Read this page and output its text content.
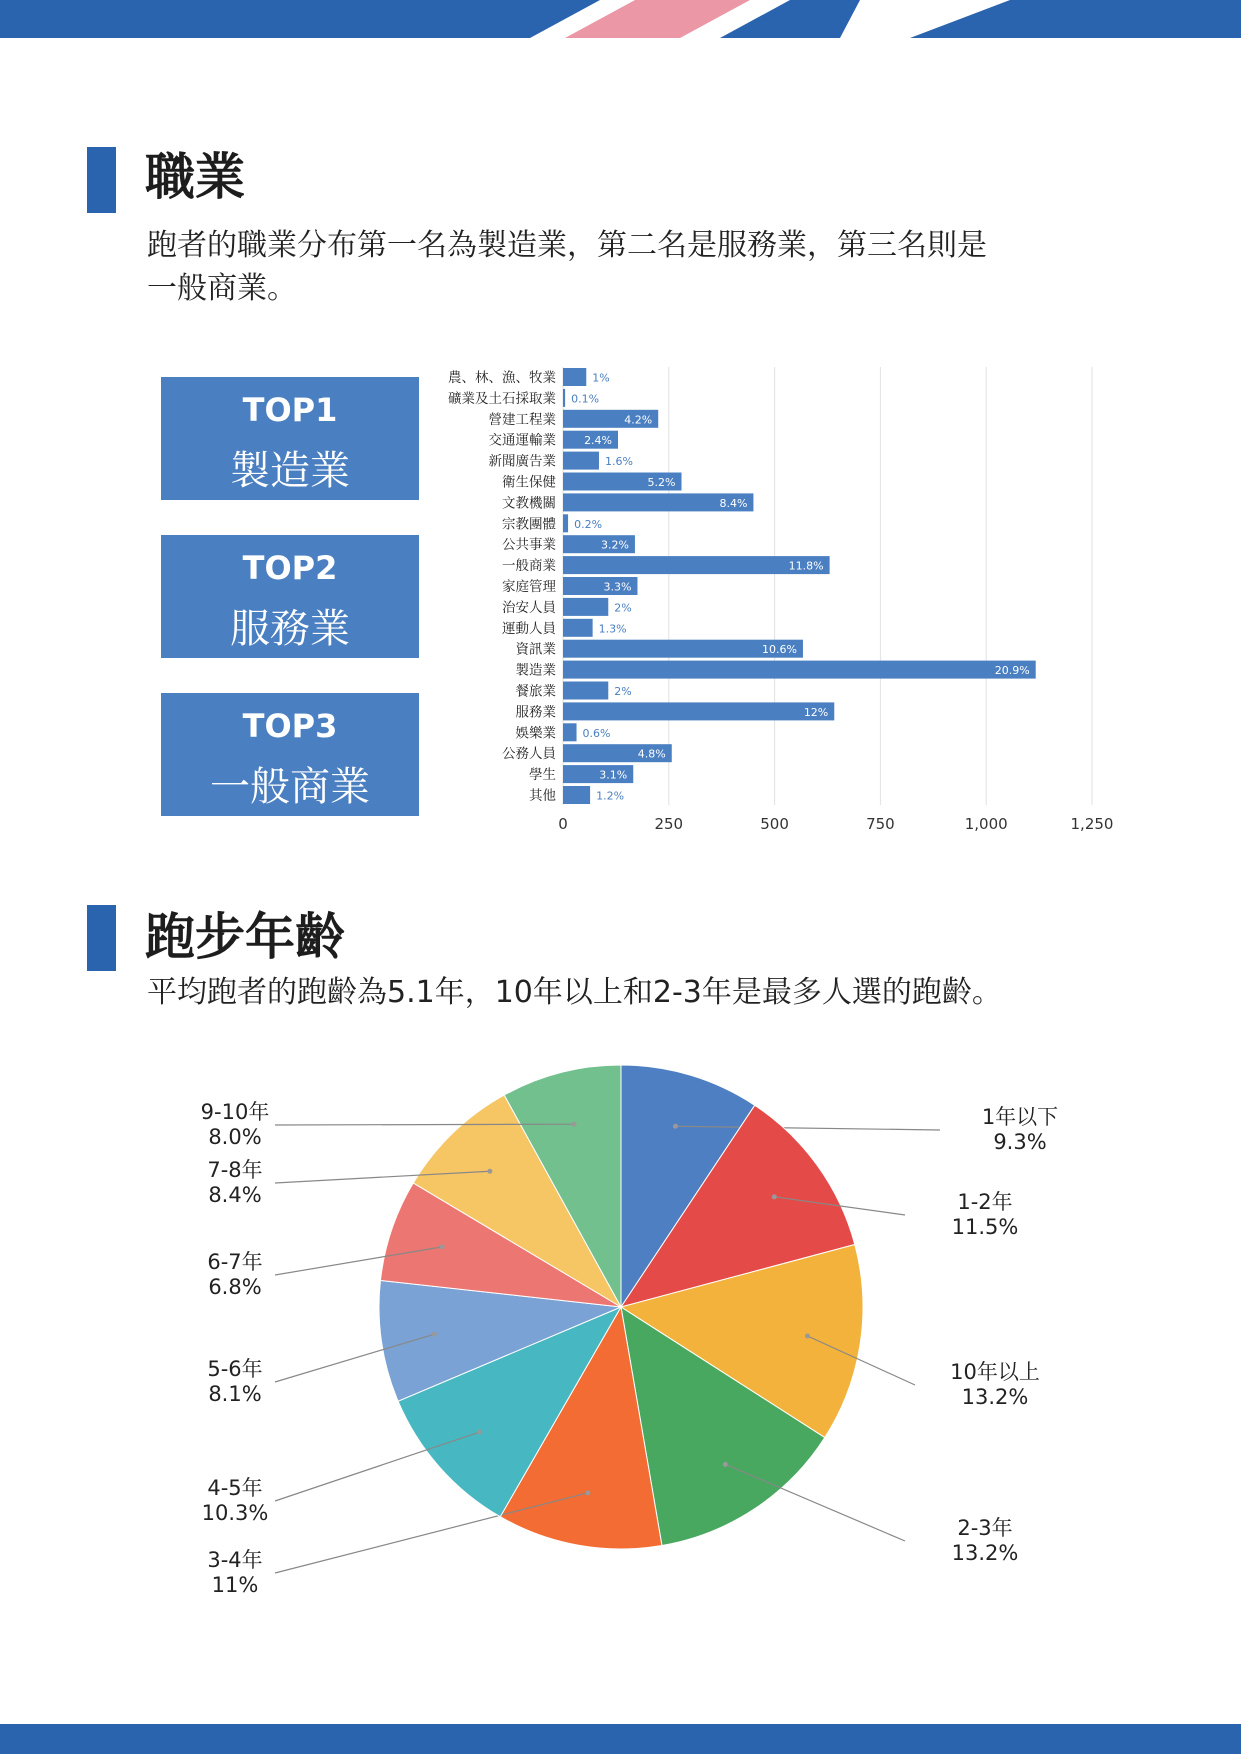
職業

跑者的職業分布第一名為製造業，第二名是服務業，第三名則是

一般商業。

TOP1
製造業
TOP2
服務業
TOP3
一般商業
0	250	500	750	1,000	1,250
農、林、漁、牧業	1%
礦業及土石採取業 0.1%
營建工程業	4.2%
交通運輸業	2.4%
新聞廣告業	1.6%
衛生保健	5.2%
文教機關	8.4%
宗教團體 0.2%
公共事業	3.2%
一般商業	11.8%
家庭管理	3.3%
治安人員	2%
運動人員	1.3%
資訊業	10.6%
製造業	20.9%
餐旅業	2%
服務業	12%
娛樂業 0.6%
公務人員	4.8%
學生	3.1%
其他	1.2%
跑步年齡

平均跑者的跑齡為5.1年，10年以上和2-3年是最多人選的跑齡。

1年以下
9.3%
1-2年
11.5%
10年以上
13.2%
2-3年
13.2%
3-4年
11%
4-5年
10.3%
5-6年
8.1%
6-7年
6.8%
7-8年
8.4%
9-10年
8.0%
